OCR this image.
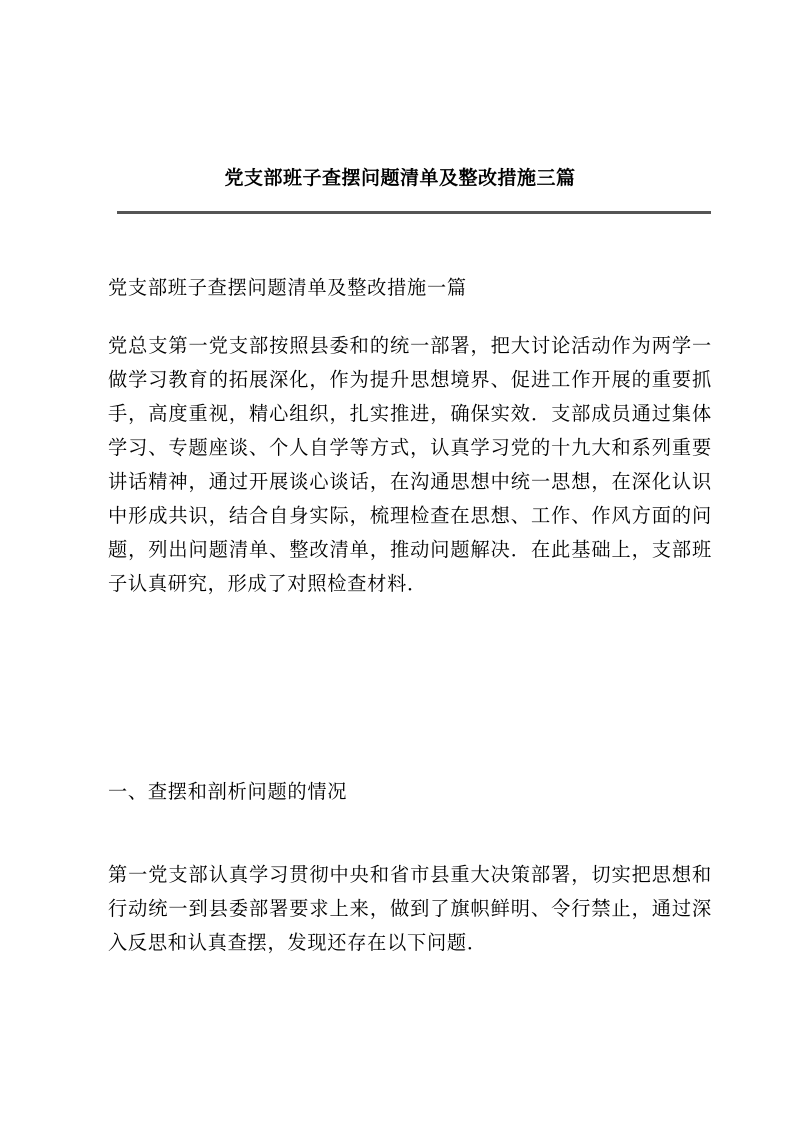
党支部班子查摆问题清单及整改措施三篇

党支部班子查摆问题清单及整改措施一篇

党总支第一党支部按照县委和的统一部署，把大讨论活动作为两学一做学习教育的拓展深化，作为提升思想境界、促进工作开展的重要抓手，高度重视，精心组织，扎实推进，确保实效．支部成员通过集体学习、专题座谈、个人自学等方式，认真学习党的十九大和系列重要讲话精神，通过开展谈心谈话，在沟通思想中统一思想，在深化认识中形成共识，结合自身实际，梳理检查在思想、工作、作风方面的问题，列出问题清单、整改清单，推动问题解决．在此基础上，支部班子认真研究，形成了对照检查材料．

一、查摆和剖析问题的情况

第一党支部认真学习贯彻中央和省市县重大决策部署，切实把思想和行动统一到县委部署要求上来，做到了旗帜鲜明、令行禁止，通过深入反思和认真查摆，发现还存在以下问题．
